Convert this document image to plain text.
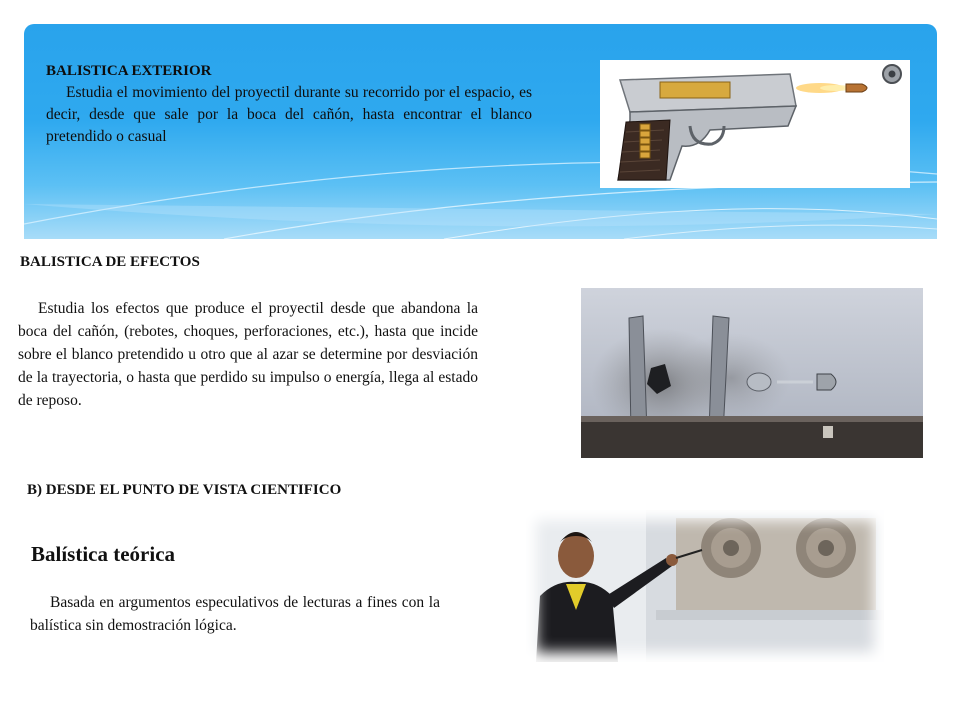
BALISTICA EXTERIOR
Estudia el movimiento del proyectil durante su recorrido por el espacio, es decir, desde que sale por la boca del cañón, hasta encontrar el blanco pretendido o casual
BALISTICA DE EFECTOS
Estudia los efectos que produce el proyectil desde que abandona la boca del cañón, (rebotes, choques, perforaciones, etc.), hasta que incide sobre el blanco pretendido u otro que al azar se determine por desviación de la trayectoria, o hasta que perdido su impulso o energía, llega al estado de reposo.
B) DESDE EL PUNTO DE VISTA CIENTIFICO
Balística teórica
Basada en argumentos especulativos de lecturas a fines con la balística sin demostración lógica.
